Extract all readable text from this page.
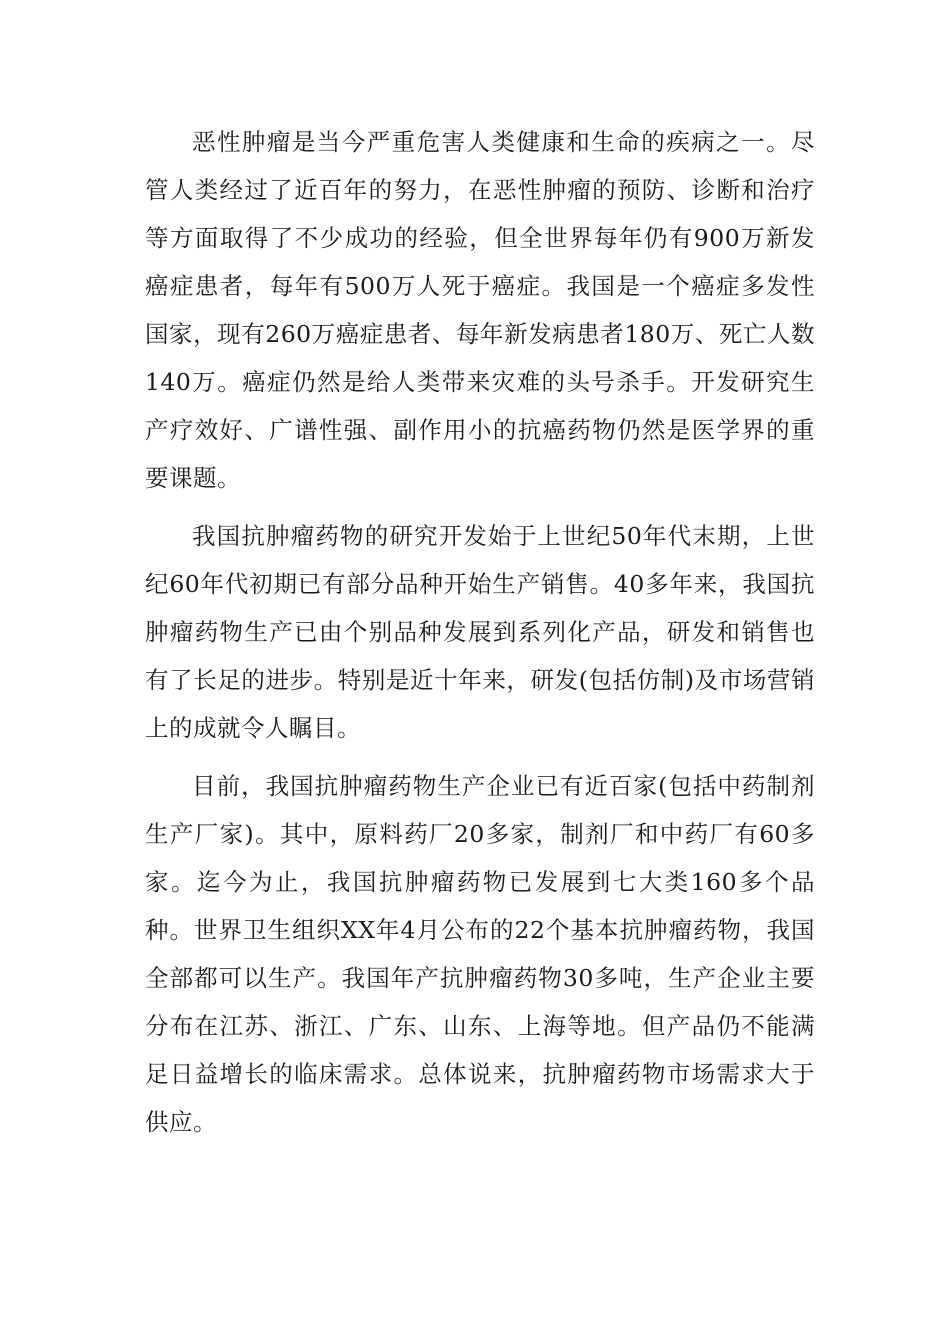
恶性肿瘤是当今严重危害人类健康和生命的疾病之一。尽管人类经过了近百年的努力，在恶性肿瘤的预防、诊断和治疗等方面取得了不少成功的经验，但全世界每年仍有900万新发癌症患者，每年有500万人死于癌症。我国是一个癌症多发性国家，现有260万癌症患者、每年新发病患者180万、死亡人数140万。癌症仍然是给人类带来灾难的头号杀手。开发研究生产疗效好、广谱性强、副作用小的抗癌药物仍然是医学界的重要课题。

我国抗肿瘤药物的研究开发始于上世纪50年代末期，上世纪60年代初期已有部分品种开始生产销售。40多年来，我国抗肿瘤药物生产已由个别品种发展到系列化产品，研发和销售也有了长足的进步。特别是近十年来，研发(包括仿制)及市场营销上的成就令人瞩目。

目前，我国抗肿瘤药物生产企业已有近百家(包括中药制剂生产厂家)。其中，原料药厂20多家，制剂厂和中药厂有60多家。迄今为止，我国抗肿瘤药物已发展到七大类160多个品种。世界卫生组织XX年4月公布的22个基本抗肿瘤药物，我国全部都可以生产。我国年产抗肿瘤药物30多吨，生产企业主要分布在江苏、浙江、广东、山东、上海等地。但产品仍不能满足日益增长的临床需求。总体说来，抗肿瘤药物市场需求大于供应。
